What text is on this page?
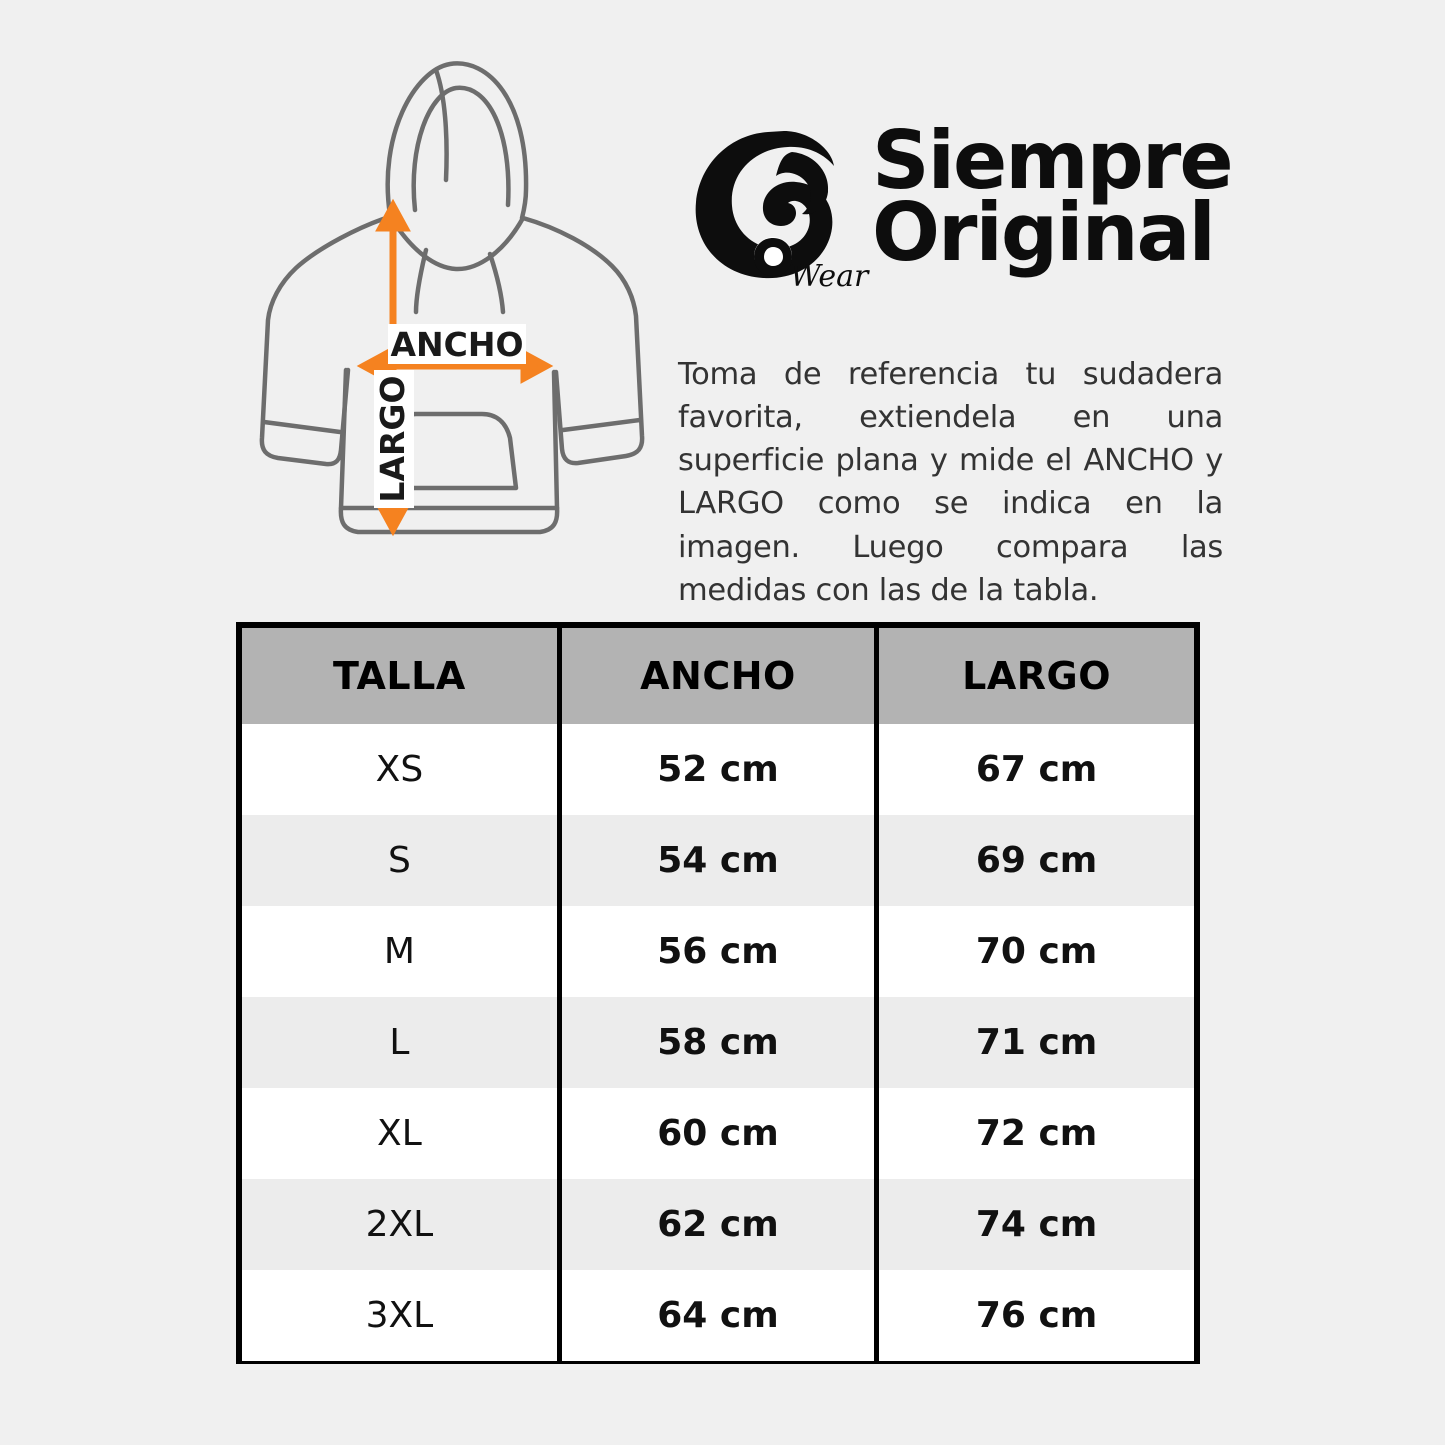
ANCHO
LARGO
Siempre
Original
Wear

Toma de referencia tu sudadera favorita, extiendela en una superficie plana y mide el ANCHO y LARGO como se indica en la imagen. Luego compara las medidas con las de la tabla.

TALLA	ANCHO	LARGO
XS	52 cm	67 cm
S	54 cm	69 cm
M	56 cm	70 cm
L	58 cm	71 cm
XL	60 cm	72 cm
2XL	62 cm	74 cm
3XL	64 cm	76 cm
